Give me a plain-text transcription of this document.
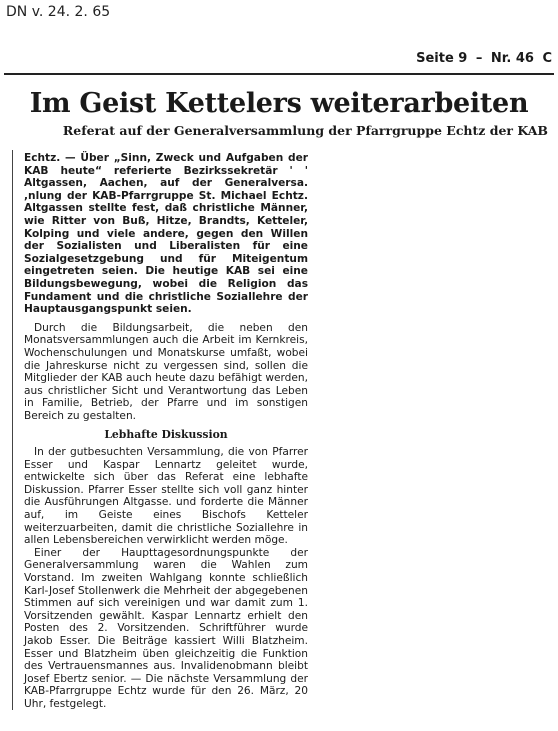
DN v. 24. 2. 65
Seite 9 – Nr. 46 C
Im Geist Kettelers weiterarbeiten
Referat auf der Generalversammlung der Pfarrgruppe Echtz der KAB

Echtz. — Über „Sinn, Zweck und Aufgaben der KAB heute“ referierte Bezirkssekretär ' ' Altgassen, Aachen, auf der Generalversa. ,nlung der KAB-Pfarrgruppe St. Michael Echtz. Altgassen stellte fest, daß christliche Männer, wie Ritter von Buß, Hitze, Brandts, Ketteler, Kolping und viele andere, gegen den Willen der Sozialisten und Liberalisten für eine Sozialgesetzgebung und für Miteigentum eingetreten seien. Die heutige KAB sei eine Bildungsbewegung, wobei die Religion das Fundament und die christliche Soziallehre der Hauptausgangspunkt seien.

Durch die Bildungsarbeit, die neben den Monatsversammlungen auch die Arbeit im Kernkreis, Wochenschulungen und Monatskurse umfaßt, wobei die Jahreskurse nicht zu vergessen sind, sollen die Mitglieder der KAB auch heute dazu befähigt werden, aus christlicher Sicht und Verantwortung das Leben in Familie, Betrieb, der Pfarre und im sonstigen Bereich zu gestalten.

Lebhafte Diskussion

In der gutbesuchten Versammlung, die von Pfarrer Esser und Kaspar Lennartz geleitet wurde, entwickelte sich über das Referat eine lebhafte Diskussion. Pfarrer Esser stellte sich voll ganz hinter die Ausführungen Altgasse. und forderte die Männer auf, im Geiste eines Bischofs Ketteler weiterzuarbeiten, damit die christliche Soziallehre in allen Lebensbereichen verwirklicht werden möge.

Einer der Haupttagesordnungspunkte der Generalversammlung waren die Wahlen zum Vorstand. Im zweiten Wahlgang konnte schließlich Karl-Josef Stollenwerk die Mehrheit der abgegebenen Stimmen auf sich vereinigen und war damit zum 1. Vorsitzenden gewählt. Kaspar Lennartz erhielt den Posten des 2. Vorsitzenden. Schriftführer wurde Jakob Esser. Die Beiträge kassiert Willi Blatzheim. Esser und Blatzheim üben gleichzeitig die Funktion des Vertrauensmannes aus. Invalidenobmann bleibt Josef Ebertz senior. — Die nächste Versammlung der KAB-Pfarrgruppe Echtz wurde für den 26. März, 20 Uhr, festgelegt.
